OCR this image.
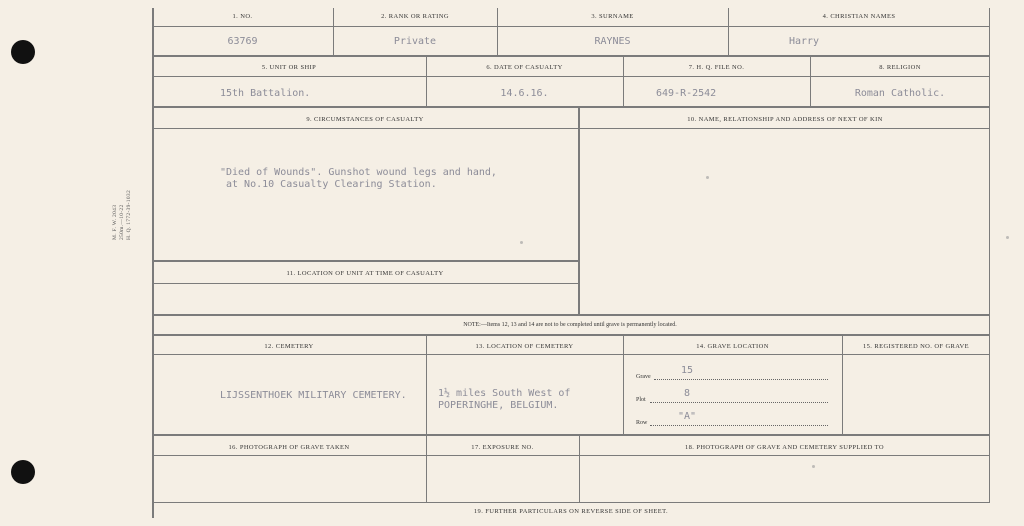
M. F. W. 2043 250m.—10-22 H. Q. 1772-39-1032
1. NO.	2. RANK OR RATING	3. SURNAME	4. CHRISTIAN NAMES
63769	Private	RAYNES	Harry
5. UNIT OR SHIP	6. DATE OF CASUALTY	7. H. Q. FILE NO.	8. RELIGION
15th Battalion.	14.6.16.	649-R-2542	Roman Catholic.
9. CIRCUMSTANCES OF CASUALTY	10. NAME, RELATIONSHIP AND ADDRESS OF NEXT OF KIN
"Died of Wounds". Gunshot wound legs and hand,
at No.10 Casualty Clearing Station.
11. LOCATION OF UNIT AT TIME OF CASUALTY
NOTE:—Items 12, 13 and 14 are not to be completed until grave is permanently located.
12. CEMETERY	13. LOCATION OF CEMETERY	14. GRAVE LOCATION	15. REGISTERED NO. OF GRAVE
LIJSSENTHOEK MILITARY CEMETERY.	1½ miles South West of
POPERINGHE, BELGIUM.
Grave
15
Plot
8
Row
"A"
16. PHOTOGRAPH OF GRAVE TAKEN	17. EXPOSURE NO.	18. PHOTOGRAPH OF GRAVE AND CEMETERY SUPPLIED TO
19. FURTHER PARTICULARS ON REVERSE SIDE OF SHEET.
